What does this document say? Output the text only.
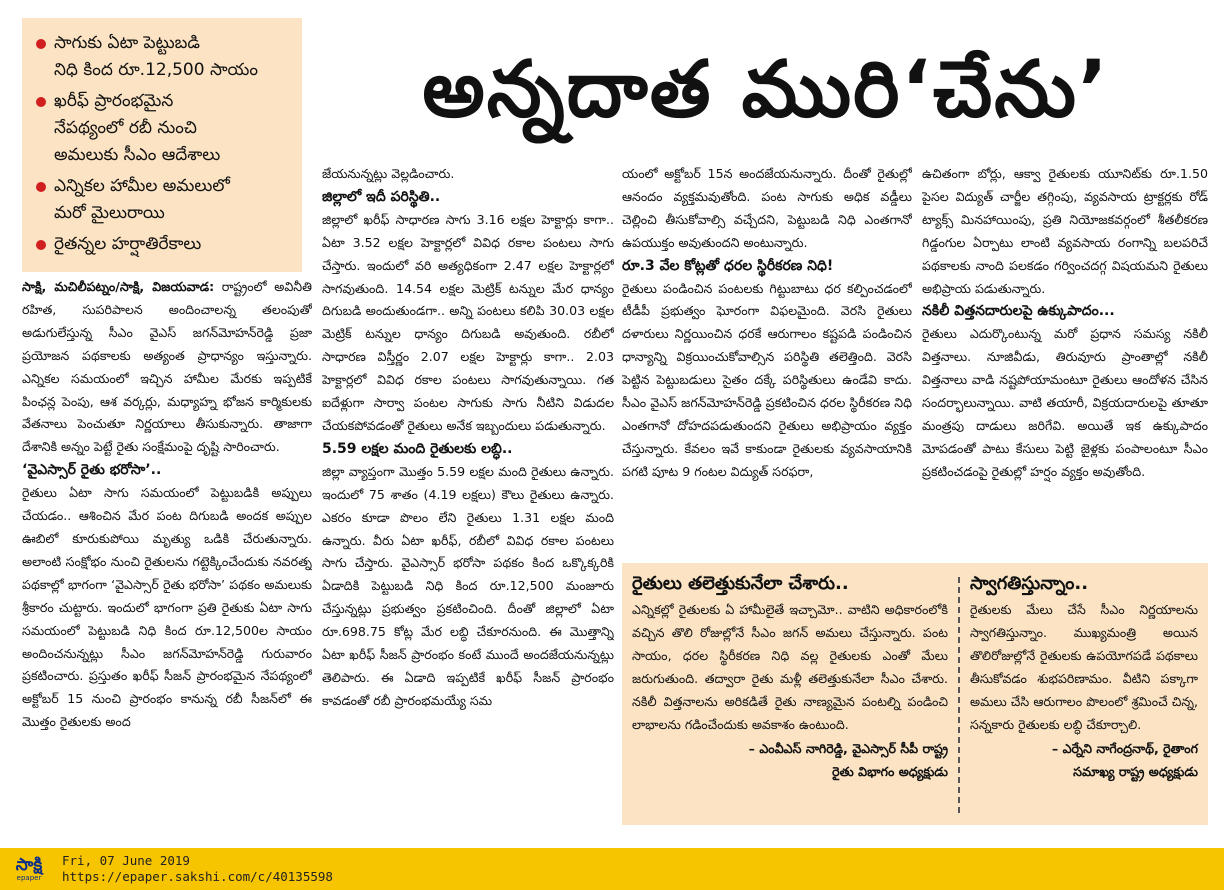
సాగుకు ఏటా పెట్టుబడి
నిధి కింద రూ.12,500 సాయం
ఖరీఫ్‌ ప్రారంభమైన
నేపథ్యంలో రబీ నుంచి
అమలుకు సీఎం ఆదేశాలు
ఎన్నికల హామీల అమలులో
మరో మైలురాయి
రైతన్నల హర్షాతిరేకాలు
అన్నదాత మురి‘చేను’

సాక్షి, మచిలీపట్నం/సాక్షి, విజయవాడ: రాష్ట్రంలో అవినీతి రహిత, సుపరిపాలన అందించాలన్న తలంపుతో అడుగులేస్తున్న సీఎం వైఎస్‌ జగన్‌మోహన్‌రెడ్డి ప్రజా ప్రయోజన పథకాలకు అత్యంత ప్రాధాన్యం ఇస్తున్నారు. ఎన్నికల సమయంలో ఇచ్చిన హామీల మేరకు ఇప్పటికే పింఛన్ల పెంపు, ఆశ వర్కర్లు, మధ్యాహ్న భోజన కార్మికులకు వేతనాలు పెంచుతూ నిర్ణయాలు తీసుకున్నారు. తాజాగా దేశానికి అన్నం పెట్టే రైతు సంక్షేమంపై దృష్టి సారించారు.

‘వైఎస్సార్‌ రైతు భరోసా’..

రైతులు ఏటా సాగు సమయంలో పెట్టుబడికి అప్పులు చేయడం.. ఆశించిన మేర పంట దిగుబడి అందక అప్పుల ఊబిలో కూరుకుపోయి మృత్యు ఒడికి చేరుతున్నారు. అలాంటి సంక్షోభం నుంచి రైతులను గట్టెక్కించేందుకు నవరత్న పథకాల్లో భాగంగా ‘వైఎస్సార్‌ రైతు భరోసా’ పథకం అమలుకు శ్రీకారం చుట్టారు. ఇందులో భాగంగా ప్రతి రైతుకు ఏటా సాగు సమయంలో పెట్టుబడి నిధి కింద రూ.12,500ల సాయం అందించనున్నట్లు సీఎం జగన్‌మోహన్‌రెడ్డి గురువారం ప్రకటించారు. ప్రస్తుతం ఖరీఫ్‌ సీజన్‌ ప్రారంభమైన నేపథ్యంలో అక్టోబర్‌ 15 నుంచి ప్రారంభం కానున్న రబీ సీజన్‌లో ఈ మొత్తం రైతులకు అంద

జేయనున్నట్లు వెల్లడించారు.

జిల్లాలో ఇదీ పరిస్థితి..

జిల్లాలో ఖరీఫ్‌ సాధారణ సాగు 3.16 లక్షల హెక్టార్లు కాగా.. ఏటా 3.52 లక్షల హెక్టార్లలో వివిధ రకాల పంటలు సాగు చేస్తారు. ఇందులో వరి అత్యధికంగా 2.47 లక్షల హెక్టార్లలో సాగవుతుంది. 14.54 లక్షల మెట్రిక్‌ టన్నుల మేర ధాన్యం దిగుబడి అందుతుండగా.. అన్ని పంటలు కలిపి 30.03 లక్షల మెట్రిక్‌ టన్నుల ధాన్యం దిగుబడి అవుతుంది. రబీలో సాధారణ విస్తీర్ణం 2.07 లక్షల హెక్టార్లు కాగా.. 2.03 హెక్టార్లలో వివిధ రకాల పంటలు సాగవుతున్నాయి. గత ఐదేళ్లుగా సార్వా పంటల సాగుకు సాగు నీటిని విడుదల చేయకపోవడంతో రైతులు అనేక ఇబ్బందులు పడుతున్నారు.

5.59 లక్షల మంది రైతులకు లబ్ధి..

జిల్లా వ్యాప్తంగా మొత్తం 5.59 లక్షల మంది రైతులు ఉన్నారు. ఇందులో 75 శాతం (4.19 లక్షలు) కౌలు రైతులు ఉన్నారు. ఎకరం కూడా పొలం లేని రైతులు 1.31 లక్షల మంది ఉన్నారు. వీరు ఏటా ఖరీఫ్‌, రబీలో వివిధ రకాల పంటలు సాగు చేస్తారు. వైఎస్సార్‌ భరోసా పథకం కింద ఒక్కొక్కరికి ఏడాదికి పెట్టుబడి నిధి కింద రూ.12,500 మంజూరు చేస్తున్నట్లు ప్రభుత్వం ప్రకటించింది. దీంతో జిల్లాలో ఏటా రూ.698.75 కోట్ల మేర లబ్ధి చేకూరనుంది. ఈ మొత్తాన్ని ఏటా ఖరీఫ్‌ సీజన్‌ ప్రారంభం కంటే ముందే అందజేయనున్నట్లు తెలిపారు. ఈ ఏడాది ఇప్పటికే ఖరీఫ్‌ సీజన్‌ ప్రారంభం కావడంతో రబీ ప్రారంభమయ్యే సమ

యంలో అక్టోబర్‌ 15న అందజేయనున్నారు. దీంతో రైతుల్లో ఆనందం వ్యక్తమవుతోంది. పంట సాగుకు అధిక వడ్డీలు చెల్లించి తీసుకోవాల్సి వచ్చేదని, పెట్టుబడి నిధి ఎంతగానో ఉపయుక్తం అవుతుందని అంటున్నారు.

రూ.3 వేల కోట్లతో ధరల స్థిరీకరణ నిధి!

రైతులు పండించిన పంటలకు గిట్టుబాటు ధర కల్పించడంలో టీడీపీ ప్రభుత్వం ఘోరంగా విఫలమైంది. వెరసి రైతులు దళారులు నిర్ణయించిన ధరకే ఆరుగాలం కష్టపడి పండించిన ధాన్యాన్ని విక్రయించుకోవాల్సిన పరిస్థితి తలెత్తింది. వెరసి పెట్టిన పెట్టుబడులు సైతం దక్కే పరిస్థితులు ఉండేవి కాదు. సీఎం వైఎస్‌ జగన్‌మోహన్‌రెడ్డి ప్రకటించిన ధరల స్థిరీకరణ నిధి ఎంతగానో దోహదపడుతుందని రైతులు అభిప్రాయం వ్యక్తం చేస్తున్నారు. కేవలం ఇవే కాకుండా రైతులకు వ్యవసాయానికి పగటి పూట 9 గంటల విద్యుత్‌ సరఫరా,

ఉచితంగా బోర్లు, ఆక్వా రైతులకు యూనిట్‌కు రూ.1.50 పైసల విద్యుత్‌ చార్జీల తగ్గింపు, వ్యవసాయ ట్రాక్టర్లకు రోడ్‌ ట్యాక్స్‌ మినహాయింపు, ప్రతి నియోజకవర్గంలో శీతలీకరణ గిడ్డంగుల ఏర్పాటు లాంటి వ్యవసాయ రంగాన్ని బలపరిచే పథకాలకు నాంది పలకడం గర్వించదగ్గ విషయమని రైతులు అభిప్రాయ పడుతున్నారు.

నకిలీ విత్తనదారులపై ఉక్కుపాదం...

రైతులు ఎదుర్కొంటున్న మరో ప్రధాన సమస్య నకిలీ విత్తనాలు. నూజివీడు, తిరువూరు ప్రాంతాల్లో నకిలీ విత్తనాలు వాడి నష్టపోయామంటూ రైతులు ఆందోళన చేసిన సందర్భాలున్నాయి. వాటి తయారీ, విక్రయదారులపై తూతూ మంత్రపు దాడులు జరిగేవి. అయితే ఇక ఉక్కుపాదం మోపడంతో పాటు కేసులు పెట్టి జైళ్లకు పంపాలంటూ సీఎం ప్రకటించడంపై రైతుల్లో హర్షం వ్యక్తం అవుతోంది.

రైతులు తలెత్తుకునేలా చేశారు..
ఎన్నికల్లో రైతులకు ఏ హామీలైతే ఇచ్చామో.. వాటిని అధికారంలోకి వచ్చిన తొలి రోజుల్లోనే సీఎం జగన్‌ అమలు చేస్తున్నారు. పంట సాయం, ధరల స్థిరీకరణ నిధి వల్ల రైతులకు ఎంతో మేలు జరుగుతుంది. తద్వారా రైతు మళ్లీ తలెత్తుకునేలా సీఎం చేశారు. నకిలీ విత్తనాలను అరికడితే రైతు నాణ్యమైన పంటల్ని పండించి లాభాలను గడించేందుకు అవకాశం ఉంటుంది.
– ఎంవీఎస్‌ నాగిరెడ్డి, వైఎస్సార్‌ సీపీ రాష్ట్ర
రైతు విభాగం అధ్యక్షుడు
స్వాగతిస్తున్నాం..
రైతులకు మేలు చేసే సీఎం నిర్ణయాలను స్వాగతిస్తున్నాం. ముఖ్యమంత్రి అయిన తొలిరోజుల్లోనే రైతులకు ఉపయోగపడే పథకాలు తీసుకోవడం శుభపరిణామం. వీటిని పక్కాగా అమలు చేసి ఆరుగాలం పొలంలో శ్రమించే చిన్న, సన్నకారు రైతులకు లబ్ధి చేకూర్చాలి.
– ఎర్నేని నాగేంద్రనాథ్‌, రైతాంగ
సమాఖ్య రాష్ట్ర అధ్యక్షుడు
సాక్షి
epaper
Fri, 07 June 2019
https://epaper.sakshi.com/c/40135598
